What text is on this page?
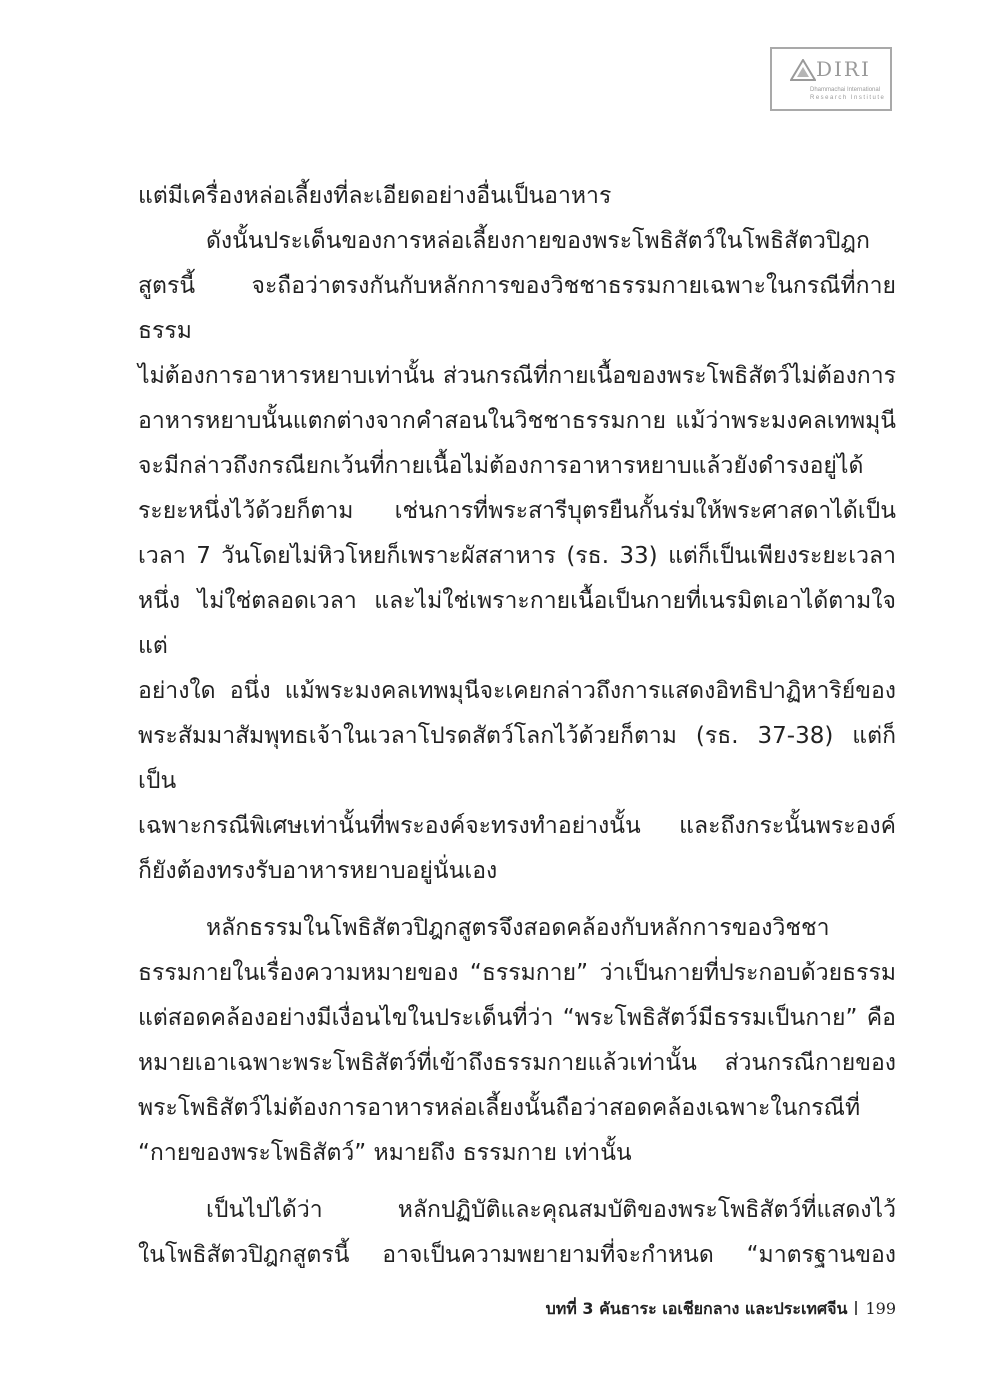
DIRI
Dhammachai International
Research Institute

แต่มีเครื่องหล่อเลี้ยงที่ละเอียดอย่างอื่นเป็นอาหาร

ดังนั้นประเด็นของการหล่อเลี้ยงกายของพระโพธิสัตว์ในโพธิสัตวปิฎก
สูตรนี้ จะถือว่าตรงกันกับหลักการของวิชชาธรรมกายเฉพาะในกรณีที่กายธรรม
ไม่ต้องการอาหารหยาบเท่านั้น ส่วนกรณีที่กายเนื้อของพระโพธิสัตว์ไม่ต้องการ
อาหารหยาบนั้นแตกต่างจากคำสอนในวิชชาธรรมกาย แม้ว่าพระมงคลเทพมุนี
จะมีกล่าวถึงกรณียกเว้นที่กายเนื้อไม่ต้องการอาหารหยาบแล้วยังดำรงอยู่ได้
ระยะหนึ่งไว้ด้วยก็ตาม เช่นการที่พระสารีบุตรยืนกั้นร่มให้พระศาสดาได้เป็น
เวลา 7 วันโดยไม่หิวโหยก็เพราะผัสสาหาร (รธ. 33) แต่ก็เป็นเพียงระยะเวลา
หนึ่ง ไม่ใช่ตลอดเวลา และไม่ใช่เพราะกายเนื้อเป็นกายที่เนรมิตเอาได้ตามใจแต่
อย่างใด อนึ่ง แม้พระมงคลเทพมุนีจะเคยกล่าวถึงการแสดงอิทธิปาฏิหาริย์ของ
พระสัมมาสัมพุทธเจ้าในเวลาโปรดสัตว์โลกไว้ด้วยก็ตาม (รธ. 37-38) แต่ก็เป็น
เฉพาะกรณีพิเศษเท่านั้นที่พระองค์จะทรงทำอย่างนั้น และถึงกระนั้นพระองค์
ก็ยังต้องทรงรับอาหารหยาบอยู่นั่นเอง

หลักธรรมในโพธิสัตวปิฎกสูตรจึงสอดคล้องกับหลักการของวิชชา
ธรรมกายในเรื่องความหมายของ “ธรรมกาย” ว่าเป็นกายที่ประกอบด้วยธรรม
แต่สอดคล้องอย่างมีเงื่อนไขในประเด็นที่ว่า “พระโพธิสัตว์มีธรรมเป็นกาย” คือ
หมายเอาเฉพาะพระโพธิสัตว์ที่เข้าถึงธรรมกายแล้วเท่านั้น ส่วนกรณีกายของ
พระโพธิสัตว์ไม่ต้องการอาหารหล่อเลี้ยงนั้นถือว่าสอดคล้องเฉพาะในกรณีที่
“กายของพระโพธิสัตว์” หมายถึง ธรรมกาย เท่านั้น

เป็นไปได้ว่า หลักปฏิบัติและคุณสมบัติของพระโพธิสัตว์ที่แสดงไว้
ในโพธิสัตวปิฎกสูตรนี้ อาจเป็นความพยายามที่จะกำหนด “มาตรฐานของ

บทที่ 3 คันธาระ เอเชียกลาง และประเทศจีน 199
